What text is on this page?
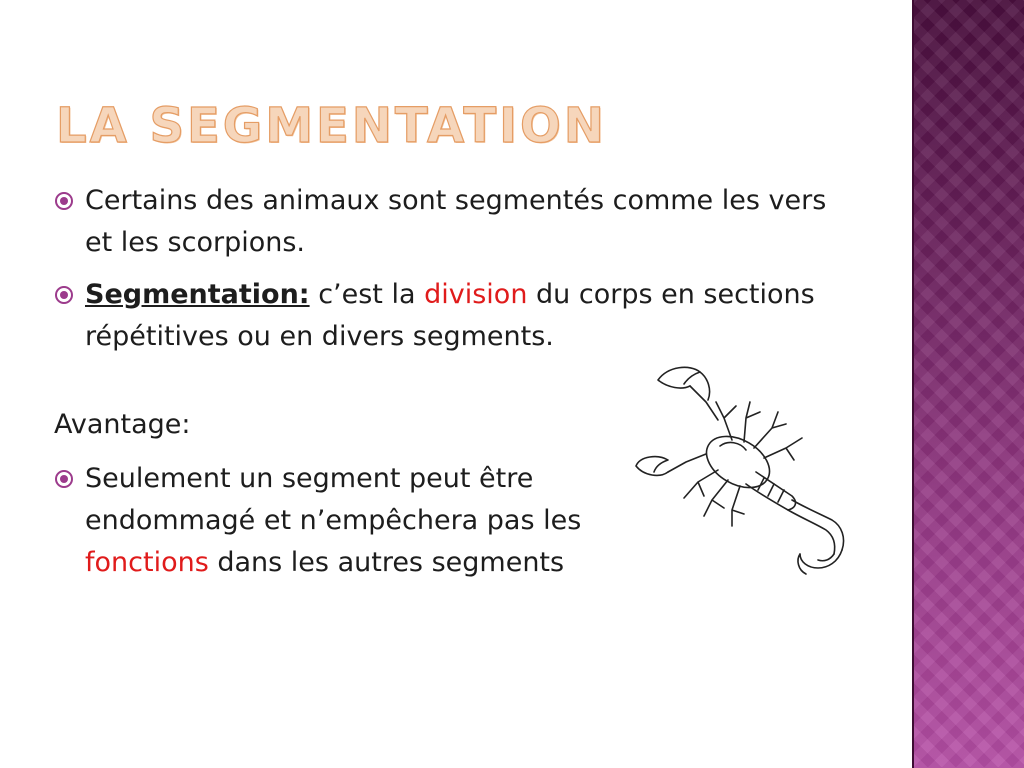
LA SEGMENTATION

Certains des animaux sont segmentés comme les vers et les scorpions.

Segmentation: c’est la division du corps en sections répétitives ou en divers segments.

Avantage:

Seulement un segment peut être endommagé et n’empêchera pas les fonctions dans les autres segments
